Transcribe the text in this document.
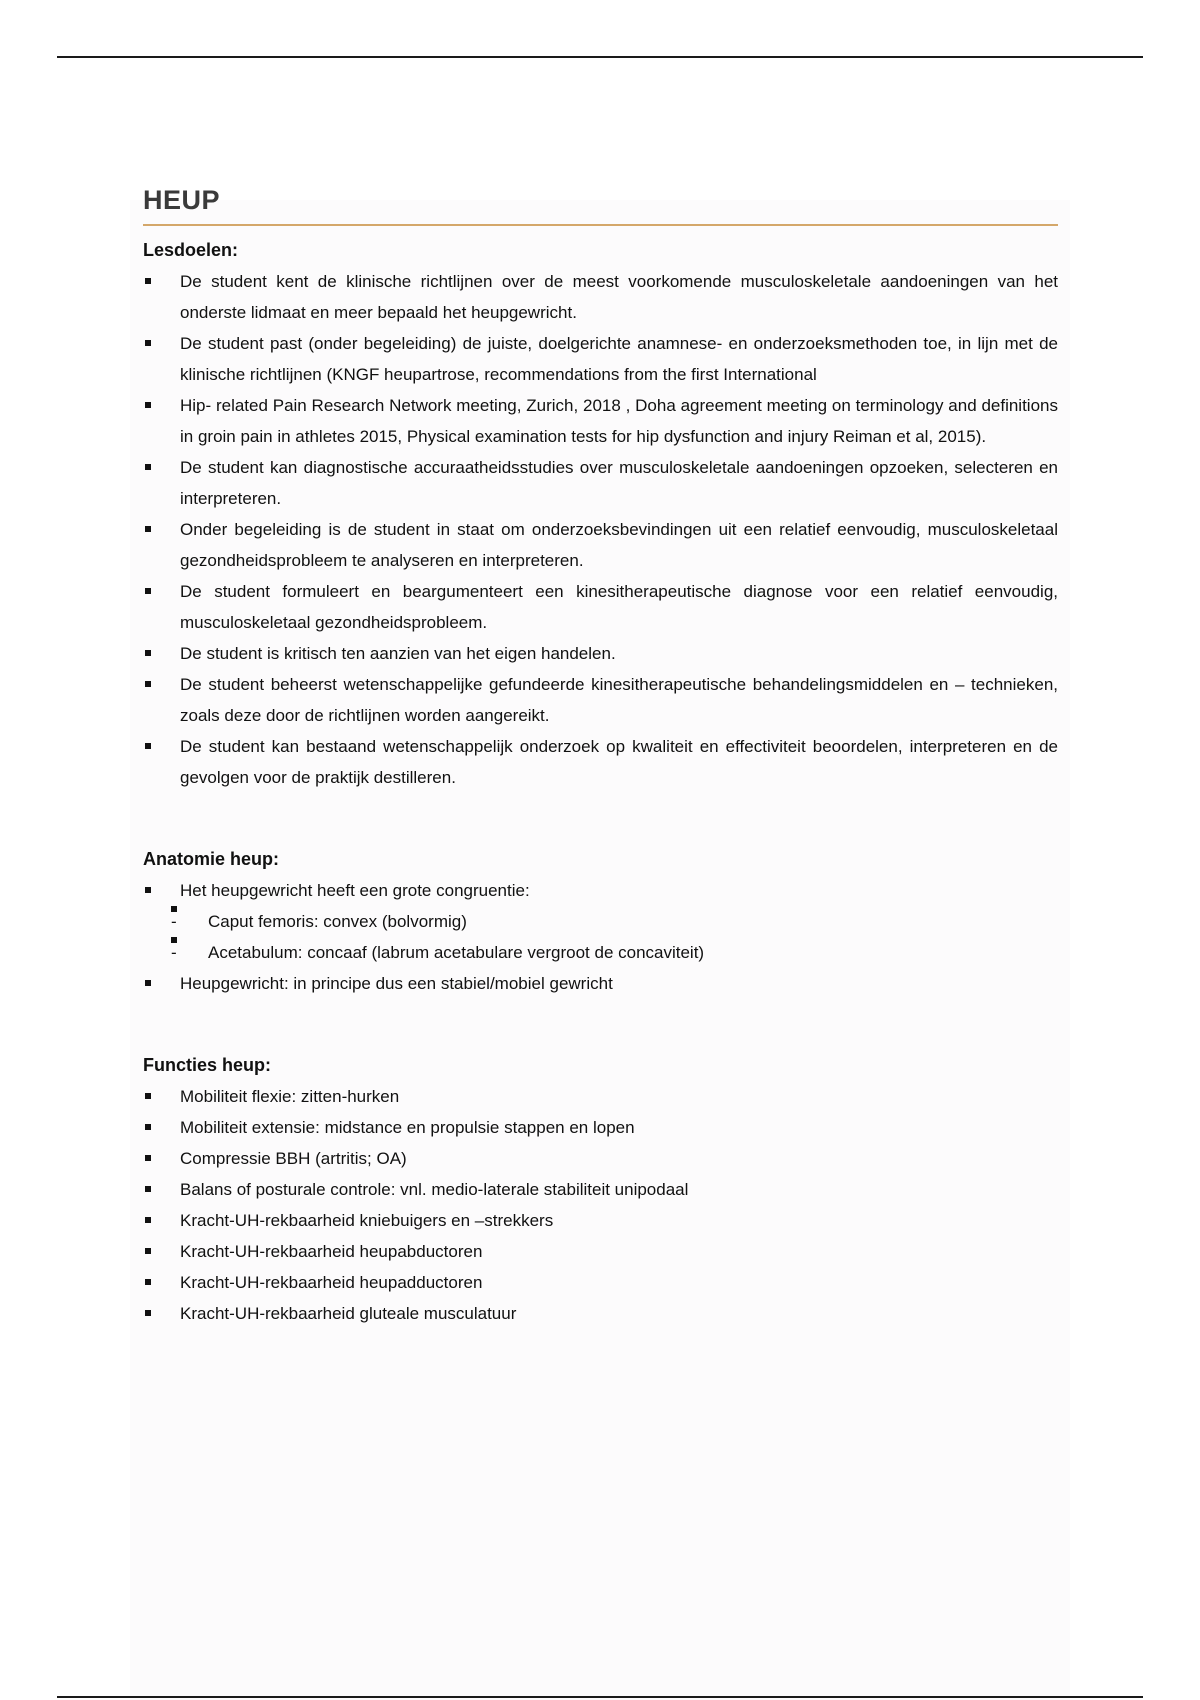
HEUP

Lesdoelen:

De student kent de klinische richtlijnen over de meest voorkomende musculoskeletale aandoeningen van het onderste lidmaat en meer bepaald het heupgewricht.
De student past (onder begeleiding) de juiste, doelgerichte anamnese- en onderzoeksmethoden toe, in lijn met de klinische richtlijnen (KNGF heupartrose, recommendations from the first International
Hip- related Pain Research Network meeting, Zurich, 2018 , Doha agreement meeting on terminology and definitions in groin pain in athletes 2015, Physical examination tests for hip dysfunction and injury Reiman et al, 2015).
De student kan diagnostische accuraatheidsstudies over musculoskeletale aandoeningen opzoeken, selecteren en interpreteren.
Onder begeleiding is de student in staat om onderzoeksbevindingen uit een relatief eenvoudig, musculoskeletaal gezondheidsprobleem te analyseren en interpreteren.
De student formuleert en beargumenteert een kinesitherapeutische diagnose voor een relatief eenvoudig, musculoskeletaal gezondheidsprobleem.
De student is kritisch ten aanzien van het eigen handelen.
De student beheerst wetenschappelijke gefundeerde kinesitherapeutische behandelingsmiddelen en – technieken, zoals deze door de richtlijnen worden aangereikt.
De student kan bestaand wetenschappelijk onderzoek op kwaliteit en effectiviteit beoordelen, interpreteren en de gevolgen voor de praktijk destilleren.

Anatomie heup:

Het heupgewricht heeft een grote congruentie:
- Caput femoris: convex (bolvormig)
- Acetabulum: concaaf (labrum acetabulare vergroot de concaviteit)
Heupgewricht: in principe dus een stabiel/mobiel gewricht

Functies heup:

Mobiliteit flexie: zitten-hurken
Mobiliteit extensie: midstance en propulsie stappen en lopen
Compressie BBH (artritis; OA)
Balans of posturale controle: vnl. medio-laterale stabiliteit unipodaal
Kracht-UH-rekbaarheid kniebuigers en –strekkers
Kracht-UH-rekbaarheid heupabductoren
Kracht-UH-rekbaarheid heupadductoren
Kracht-UH-rekbaarheid gluteale musculatuur
